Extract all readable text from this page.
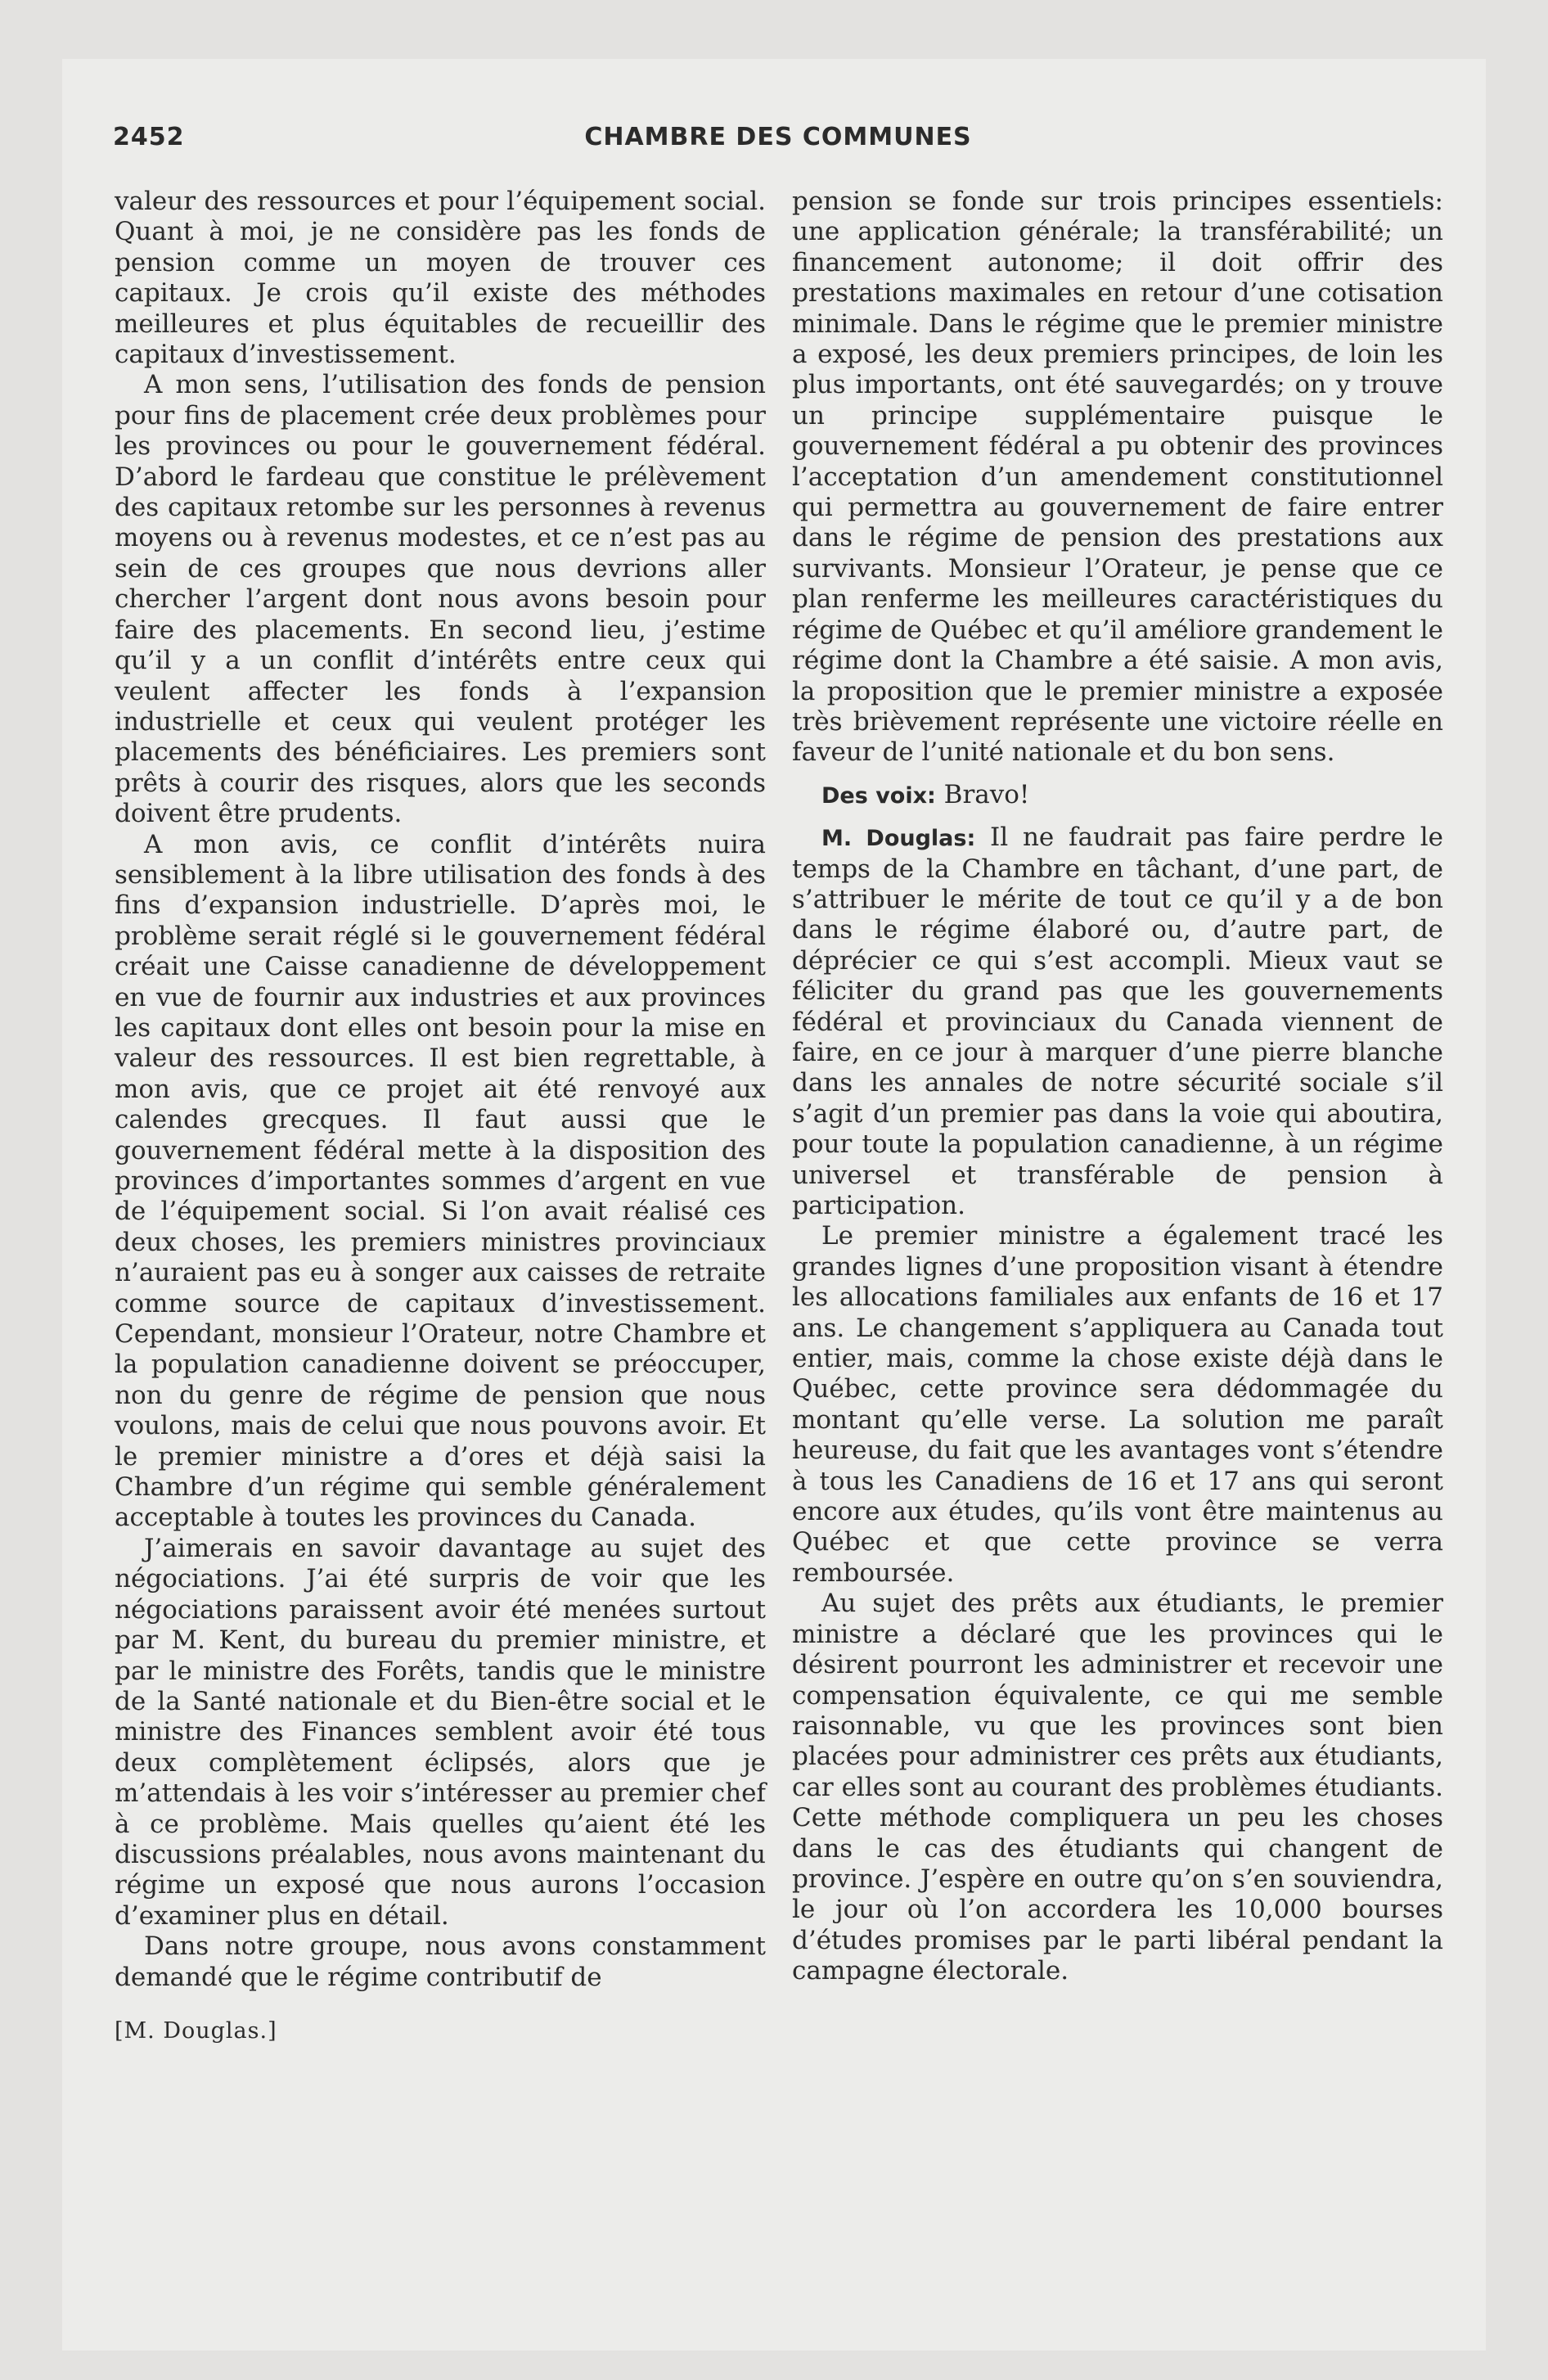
2452	CHAMBRE DES COMMUNES

valeur des ressources et pour l’équipement social. Quant à moi, je ne considère pas les fonds de pension comme un moyen de trouver ces capitaux. Je crois qu’il existe des méthodes meilleures et plus équitables de recueillir des capitaux d’investissement.

A mon sens, l’utilisation des fonds de pension pour fins de placement crée deux problèmes pour les provinces ou pour le gouvernement fédéral. D’abord le fardeau que constitue le prélèvement des capitaux retombe sur les personnes à revenus moyens ou à revenus modestes, et ce n’est pas au sein de ces groupes que nous devrions aller chercher l’argent dont nous avons besoin pour faire des placements. En second lieu, j’estime qu’il y a un conflit d’intérêts entre ceux qui veulent affecter les fonds à l’expansion industrielle et ceux qui veulent protéger les placements des bénéficiaires. Les premiers sont prêts à courir des risques, alors que les seconds doivent être prudents.

A mon avis, ce conflit d’intérêts nuira sensiblement à la libre utilisation des fonds à des fins d’expansion industrielle. D’après moi, le problème serait réglé si le gouvernement fédéral créait une Caisse canadienne de développement en vue de fournir aux industries et aux provinces les capitaux dont elles ont besoin pour la mise en valeur des ressources. Il est bien regrettable, à mon avis, que ce projet ait été renvoyé aux calendes grecques. Il faut aussi que le gouvernement fédéral mette à la disposition des provinces d’importantes sommes d’argent en vue de l’équipement social. Si l’on avait réalisé ces deux choses, les premiers ministres provinciaux n’auraient pas eu à songer aux caisses de retraite comme source de capitaux d’investissement. Cependant, monsieur l’Orateur, notre Chambre et la population canadienne doivent se préoccuper, non du genre de régime de pension que nous voulons, mais de celui que nous pouvons avoir. Et le premier ministre a d’ores et déjà saisi la Chambre d’un régime qui semble généralement acceptable à toutes les provinces du Canada.

J’aimerais en savoir davantage au sujet des négociations. J’ai été surpris de voir que les négociations paraissent avoir été menées surtout par M. Kent, du bureau du premier ministre, et par le ministre des Forêts, tandis que le ministre de la Santé nationale et du Bien-être social et le ministre des Finances semblent avoir été tous deux complètement éclipsés, alors que je m’attendais à les voir s’intéresser au premier chef à ce problème. Mais quelles qu’aient été les discussions préalables, nous avons maintenant du régime un exposé que nous aurons l’occasion d’examiner plus en détail.

Dans notre groupe, nous avons constamment demandé que le régime contributif de

[M. Douglas.]

pension se fonde sur trois principes essentiels: une application générale; la transférabilité; un financement autonome; il doit offrir des prestations maximales en retour d’une cotisation minimale. Dans le régime que le premier ministre a exposé, les deux premiers principes, de loin les plus importants, ont été sauvegardés; on y trouve un principe supplémentaire puisque le gouvernement fédéral a pu obtenir des provinces l’acceptation d’un amendement constitutionnel qui permettra au gouvernement de faire entrer dans le régime de pension des prestations aux survivants. Monsieur l’Orateur, je pense que ce plan renferme les meilleures caractéristiques du régime de Québec et qu’il améliore grandement le régime dont la Chambre a été saisie. A mon avis, la proposition que le premier ministre a exposée très brièvement représente une victoire réelle en faveur de l’unité nationale et du bon sens.

Des voix: Bravo!

M. Douglas: Il ne faudrait pas faire perdre le temps de la Chambre en tâchant, d’une part, de s’attribuer le mérite de tout ce qu’il y a de bon dans le régime élaboré ou, d’autre part, de déprécier ce qui s’est accompli. Mieux vaut se féliciter du grand pas que les gouvernements fédéral et provinciaux du Canada viennent de faire, en ce jour à marquer d’une pierre blanche dans les annales de notre sécurité sociale s’il s’agit d’un premier pas dans la voie qui aboutira, pour toute la population canadienne, à un régime universel et transférable de pension à participation.

Le premier ministre a également tracé les grandes lignes d’une proposition visant à étendre les allocations familiales aux enfants de 16 et 17 ans. Le changement s’appliquera au Canada tout entier, mais, comme la chose existe déjà dans le Québec, cette province sera dédommagée du montant qu’elle verse. La solution me paraît heureuse, du fait que les avantages vont s’étendre à tous les Canadiens de 16 et 17 ans qui seront encore aux études, qu’ils vont être maintenus au Québec et que cette province se verra remboursée.

Au sujet des prêts aux étudiants, le premier ministre a déclaré que les provinces qui le désirent pourront les administrer et recevoir une compensation équivalente, ce qui me semble raisonnable, vu que les provinces sont bien placées pour administrer ces prêts aux étudiants, car elles sont au courant des problèmes étudiants. Cette méthode compliquera un peu les choses dans le cas des étudiants qui changent de province. J’espère en outre qu’on s’en souviendra, le jour où l’on accordera les 10,000 bourses d’études promises par le parti libéral pendant la campagne électorale.
